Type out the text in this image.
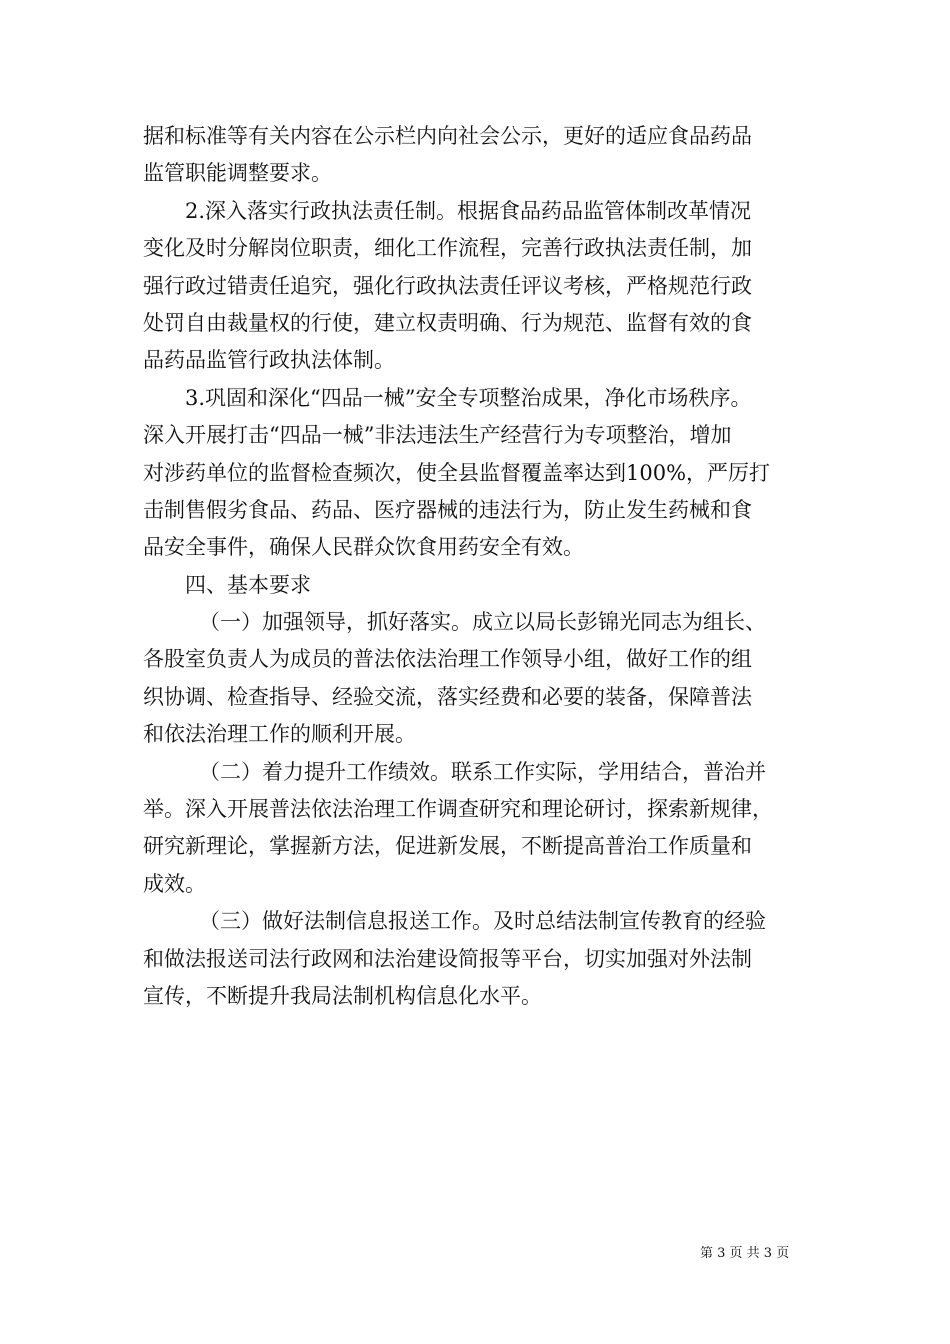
据和标准等有关内容在公示栏内向社会公示，更好的适应食品药品
监管职能调整要求。
2.深入落实行政执法责任制。根据食品药品监管体制改革情况
变化及时分解岗位职责，细化工作流程，完善行政执法责任制，加
强行政过错责任追究，强化行政执法责任评议考核，严格规范行政
处罚自由裁量权的行使，建立权责明确、行为规范、监督有效的食
品药品监管行政执法体制。
3.巩固和深化“四品一械”安全专项整治成果，净化市场秩序。
深入开展打击“四品一械”非法违法生产经营行为专项整治，增加
对涉药单位的监督检查频次，使全县监督覆盖率达到100%，严厉打
击制售假劣食品、药品、医疗器械的违法行为，防止发生药械和食
品安全事件，确保人民群众饮食用药安全有效。
四、基本要求
（一）加强领导，抓好落实。成立以局长彭锦光同志为组长、
各股室负责人为成员的普法依法治理工作领导小组，做好工作的组
织协调、检查指导、经验交流，落实经费和必要的装备，保障普法
和依法治理工作的顺利开展。
（二）着力提升工作绩效。联系工作实际，学用结合，普治并
举。深入开展普法依法治理工作调查研究和理论研讨，探索新规律，
研究新理论，掌握新方法，促进新发展，不断提高普治工作质量和
成效。
（三）做好法制信息报送工作。及时总结法制宣传教育的经验
和做法报送司法行政网和法治建设简报等平台，切实加强对外法制
宣传，不断提升我局法制机构信息化水平。
第 3 页 共 3 页
